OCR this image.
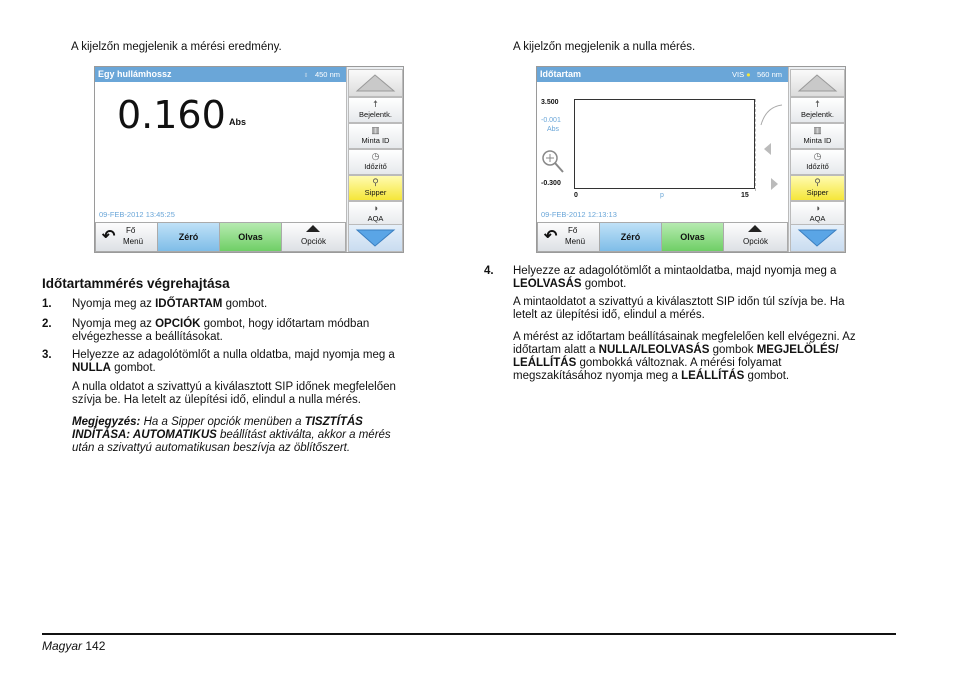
A kijelzőn megjelenik a mérési eredmény.
Egy hullámhossz	♁ 450 nm
0.160 Abs
09-FEB-2012 13:45:25
☨
Bejelentk.
▥
Minta ID
◷
Időzítő
⚲
Sipper
◑
AQA
↶ Fő
Menü	Zéró	Olvas	Opciók
Időtartammérés végrehajtása
1. Nyomja meg az IDŐTARTAM gombot.
2. Nyomja meg az OPCIÓK gombot, hogy időtartam módban
elvégezhesse a beállításokat.
3. Helyezze az adagolótömlőt a nulla oldatba, majd nyomja meg a
NULLA gombot.
A nulla oldatot a szivattyú a kiválasztott SIP időnek megfelelően
szívja be. Ha letelt az ülepítési idő, elindul a nulla mérés.
Megjegyzés: Ha a Sipper opciók menüben a TISZTÍTÁS
INDÍTÁSA: AUTOMATIKUS beállítást aktiválta, akkor a mérés
után a szivattyú automatikusan beszívja az öblítőszert.
A kijelzőn megjelenik a nulla mérés.
Időtartam	VIS ● 560 nm
3.500
-0.001
Abs
-0.300
0	p	15

09-FEB-2012 12:13:13
☨
Bejelentk.
▥
Minta ID
◷
Időzítő
⚲
Sipper
◑
AQA
↶ Fő
Menü	Zéró	Olvas	Opciók
4. Helyezze az adagolótömlőt a mintaoldatba, majd nyomja meg a
LEOLVASÁS gombot.
A mintaoldatot a szivattyú a kiválasztott SIP időn túl szívja be. Ha
letelt az ülepítési idő, elindul a mérés.
A mérést az időtartam beállításainak megfelelően kell elvégezni. Az
időtartam alatt a NULLA/LEOLVASÁS gombok MEGJELÖLÉS/
LEÁLLÍTÁS gombokká változnak. A mérési folyamat
megszakításához nyomja meg a LEÁLLÍTÁS gombot.
Magyar 142
